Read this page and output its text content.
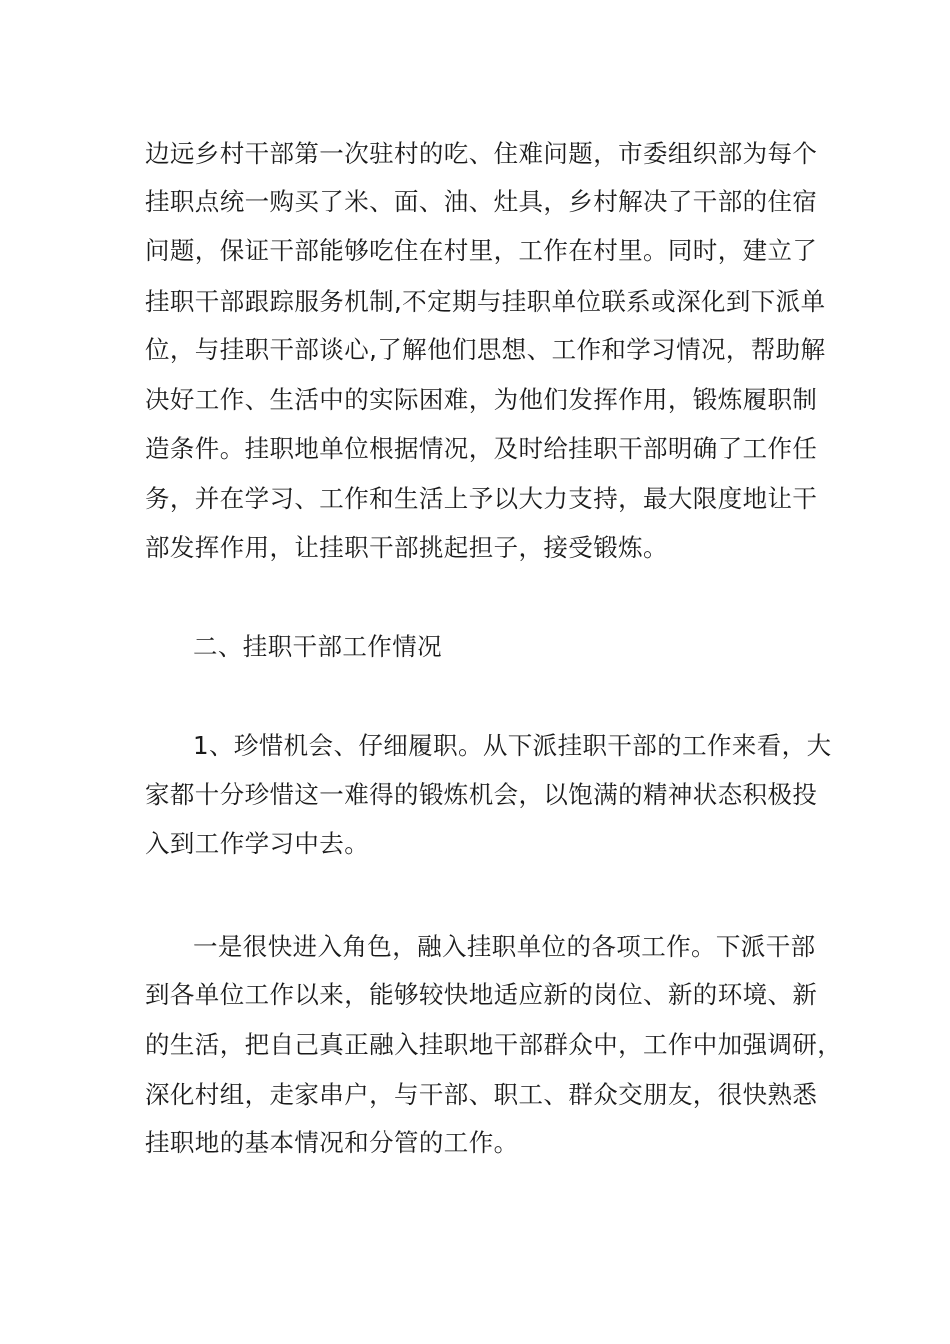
边远乡村干部第一次驻村的吃、住难问题，市委组织部为每个
挂职点统一购买了米、面、油、灶具，乡村解决了干部的住宿
问题，保证干部能够吃住在村里，工作在村里。同时，建立了
挂职干部跟踪服务机制,不定期与挂职单位联系或深化到下派单
位，与挂职干部谈心,了解他们思想、工作和学习情况，帮助解
决好工作、生活中的实际困难，为他们发挥作用，锻炼履职制
造条件。挂职地单位根据情况，及时给挂职干部明确了工作任
务，并在学习、工作和生活上予以大力支持，最大限度地让干
部发挥作用，让挂职干部挑起担子，接受锻炼。
二、挂职干部工作情况
1、珍惜机会、仔细履职。从下派挂职干部的工作来看，大
家都十分珍惜这一难得的锻炼机会，以饱满的精神状态积极投
入到工作学习中去。
一是很快进入角色，融入挂职单位的各项工作。下派干部
到各单位工作以来，能够较快地适应新的岗位、新的环境、新
的生活，把自己真正融入挂职地干部群众中，工作中加强调研，
深化村组，走家串户，与干部、职工、群众交朋友，很快熟悉
挂职地的基本情况和分管的工作。
